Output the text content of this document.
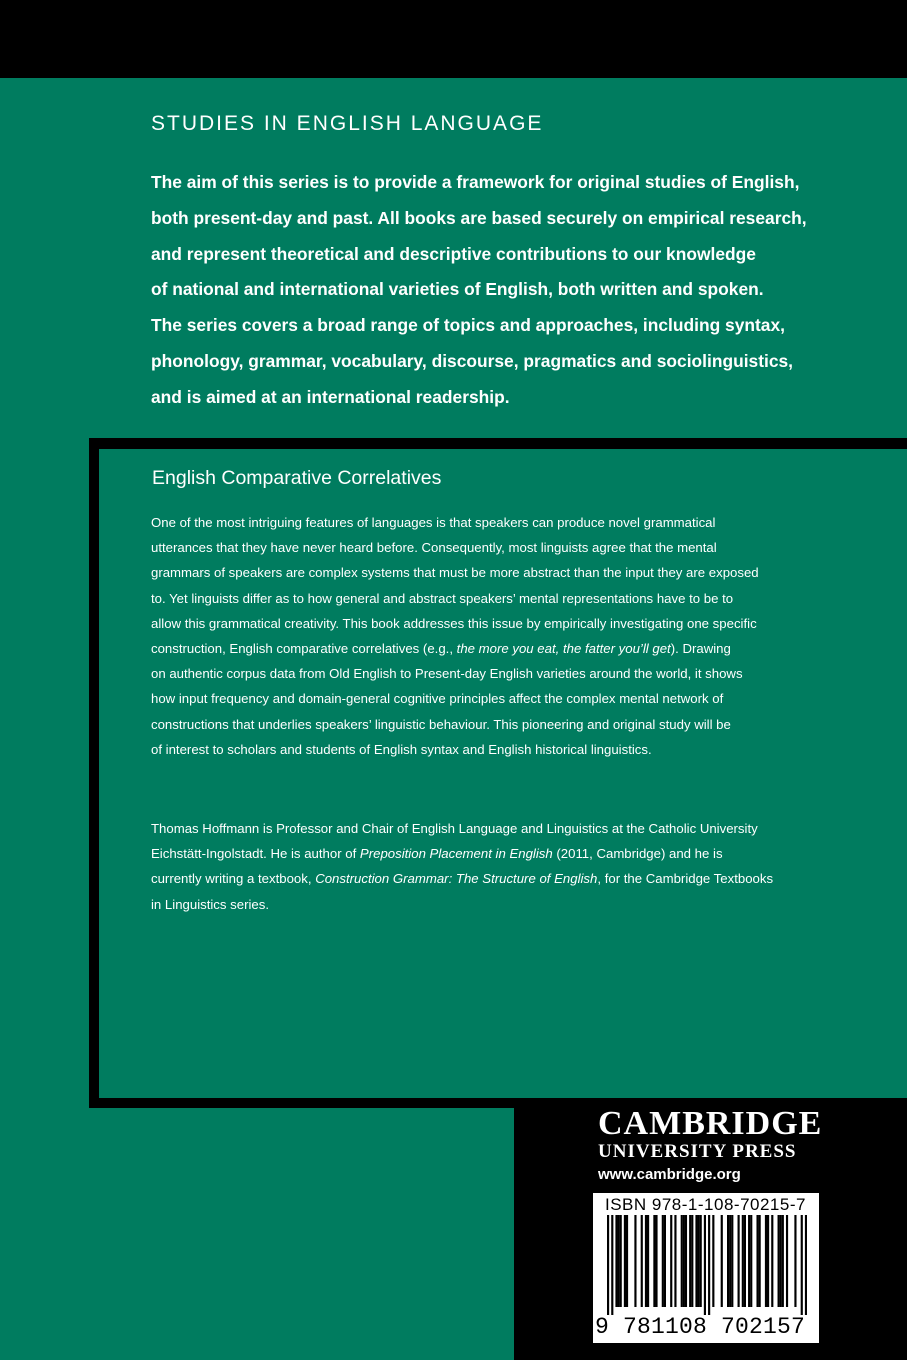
STUDIES IN ENGLISH LANGUAGE

The aim of this series is to provide a framework for original studies of English,

both present-day and past. All books are based securely on empirical research,

and represent theoretical and descriptive contributions to our knowledge

of national and international varieties of English, both written and spoken.

The series covers a broad range of topics and approaches, including syntax,

phonology, grammar, vocabulary, discourse, pragmatics and sociolinguistics,

and is aimed at an international readership.

English Comparative Correlatives

One of the most intriguing features of languages is that speakers can produce novel grammatical

utterances that they have never heard before. Consequently, most linguists agree that the mental

grammars of speakers are complex systems that must be more abstract than the input they are exposed

to. Yet linguists differ as to how general and abstract speakers’ mental representations have to be to

allow this grammatical creativity. This book addresses this issue by empirically investigating one specific

construction, English comparative correlatives (e.g., the more you eat, the fatter you’ll get). Drawing

on authentic corpus data from Old English to Present-day English varieties around the world, it shows

how input frequency and domain-general cognitive principles affect the complex mental network of

constructions that underlies speakers’ linguistic behaviour. This pioneering and original study will be

of interest to scholars and students of English syntax and English historical linguistics.

Thomas Hoffmann is Professor and Chair of English Language and Linguistics at the Catholic University

Eichstätt-Ingolstadt. He is author of Preposition Placement in English (2011, Cambridge) and he is

currently writing a textbook, Construction Grammar: The Structure of English, for the Cambridge Textbooks

in Linguistics series.

CAMBRIDGE
UNIVERSITY PRESS
www.cambridge.org
ISBN 978-1-108-70215-7
9 781108 702157 >
